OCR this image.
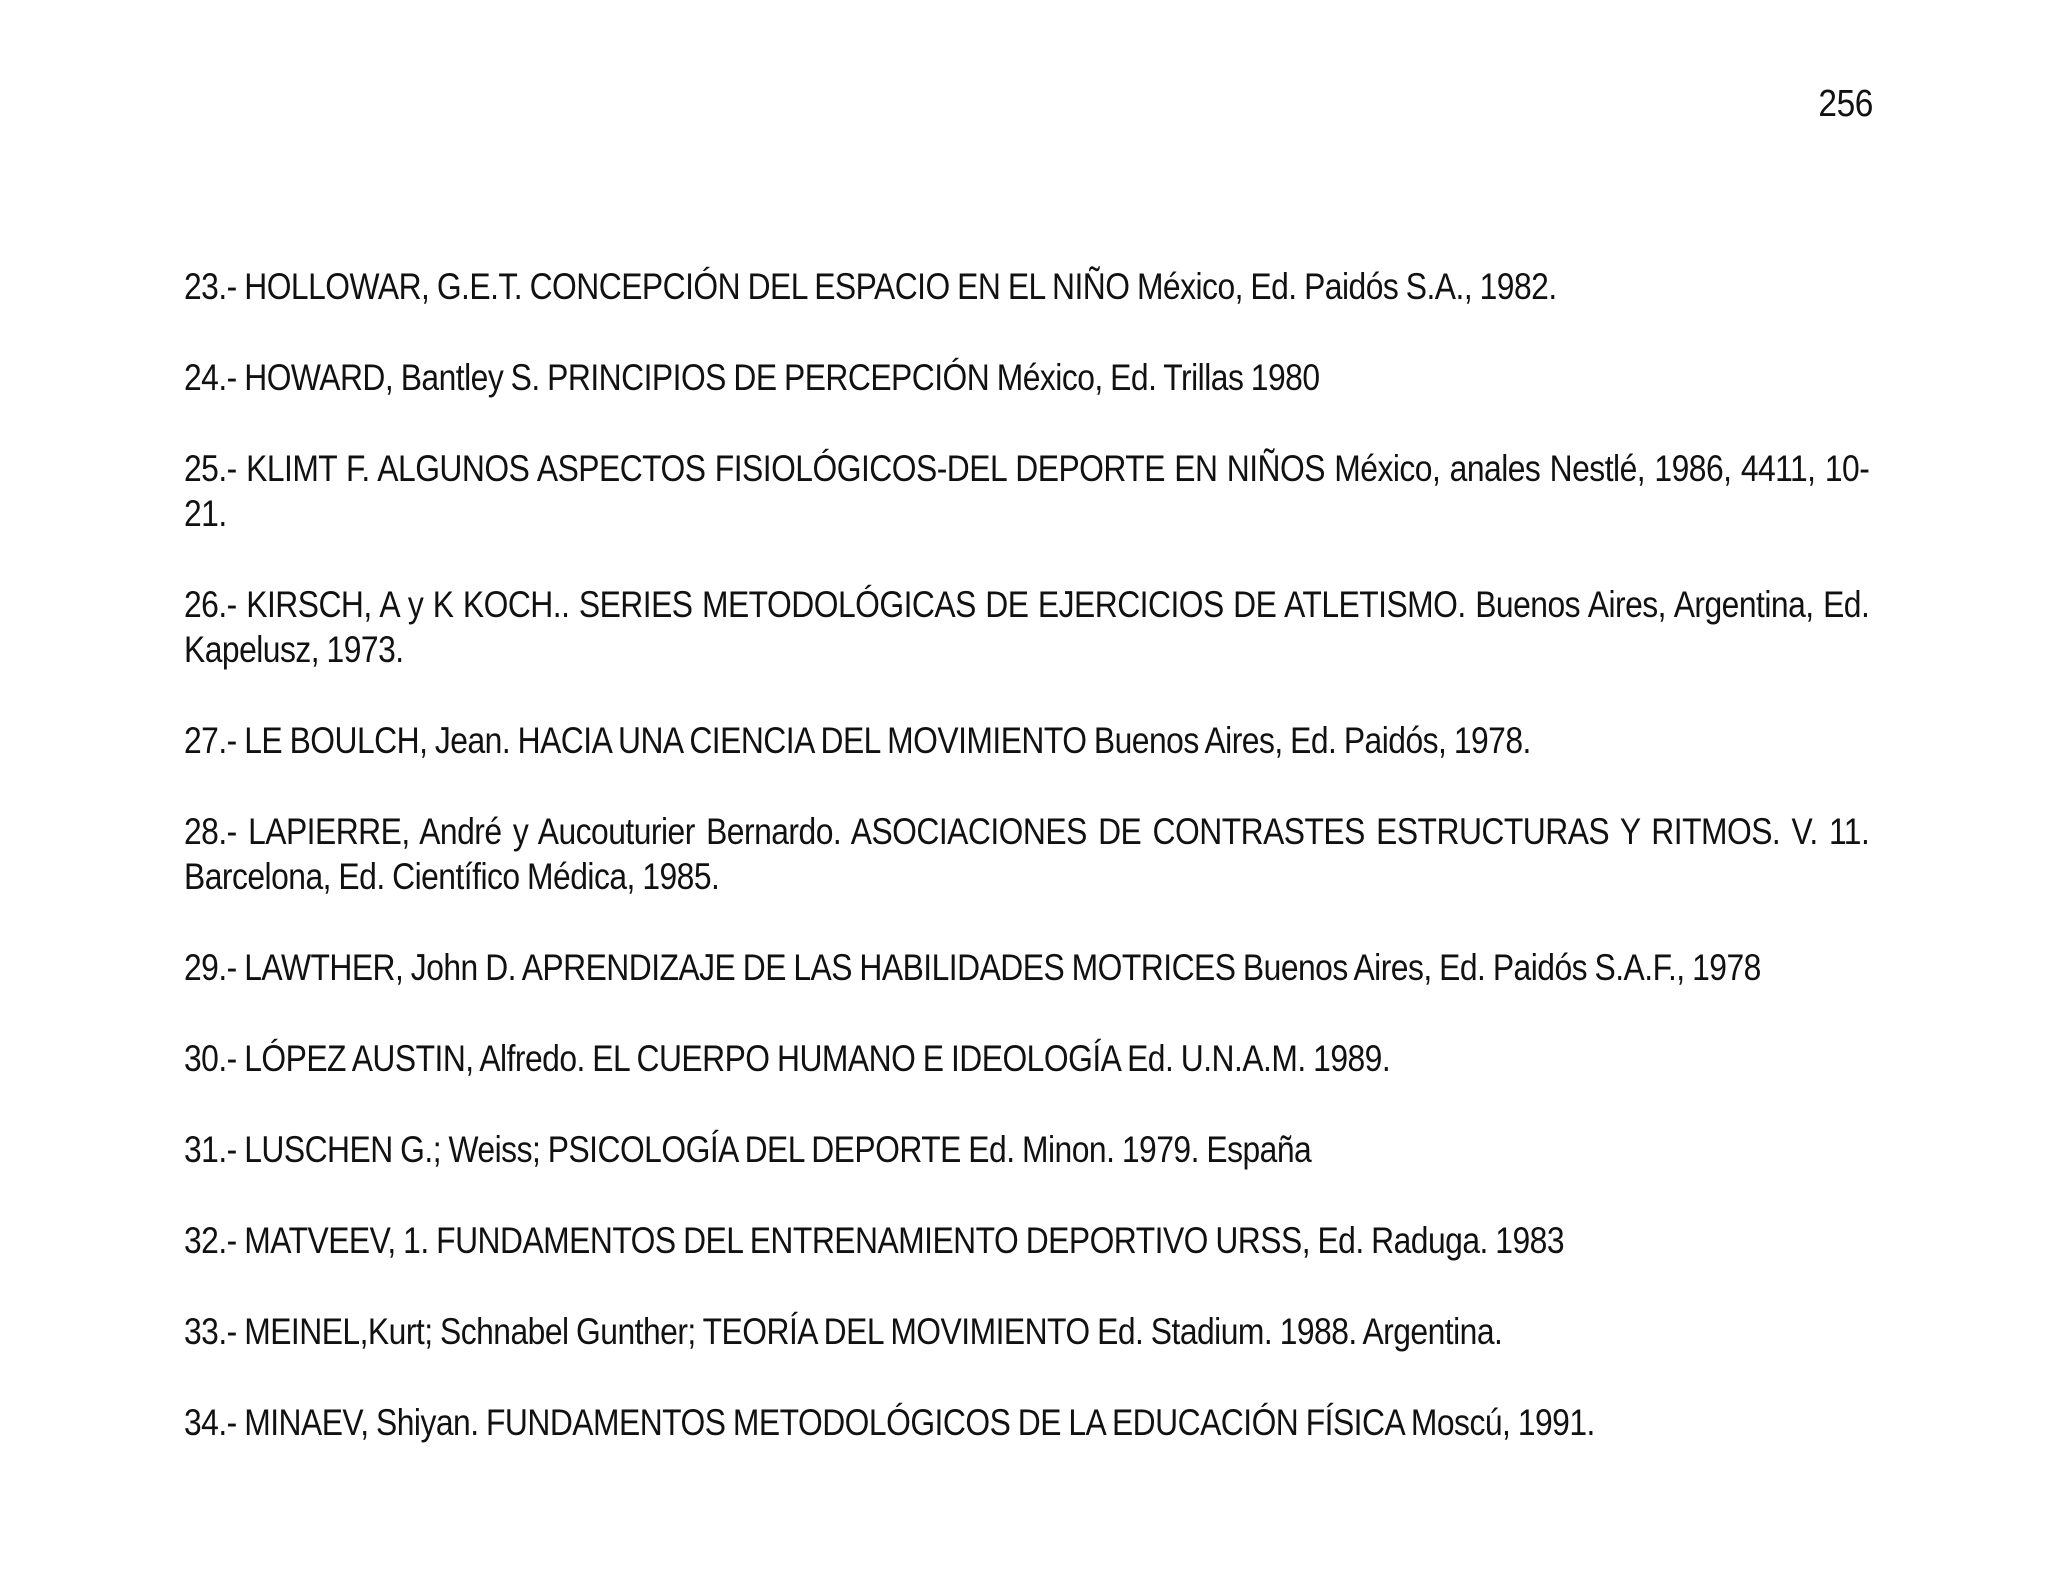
256
23.- HOLLOWAR, G.E.T. CONCEPCIÓN DEL ESPACIO EN EL NIÑO México, Ed. Paidós S.A., 1982.
24.- HOWARD, Bantley S. PRINCIPIOS DE PERCEPCIÓN México, Ed. Trillas 1980
25.- KLIMT F. ALGUNOS ASPECTOS FISIOLÓGICOS-DEL DEPORTE EN NIÑOS México, anales Nestlé, 1986, 4411, 10-21.
26.- KIRSCH, A y K KOCH.. SERIES METODOLÓGICAS DE EJERCICIOS DE ATLETISMO. Buenos Aires, Argentina, Ed. Kapelusz, 1973.
27.- LE BOULCH, Jean. HACIA UNA CIENCIA DEL MOVIMIENTO Buenos Aires, Ed. Paidós, 1978.
28.- LAPIERRE, André y Aucouturier Bernardo. ASOCIACIONES DE CONTRASTES ESTRUCTURAS Y RITMOS. V. 11. Barcelona, Ed. Científico Médica, 1985.
29.- LAWTHER, John D. APRENDIZAJE DE LAS HABILIDADES MOTRICES Buenos Aires, Ed. Paidós S.A.F., 1978
30.- LÓPEZ AUSTIN, Alfredo. EL CUERPO HUMANO E IDEOLOGÍA Ed. U.N.A.M. 1989.
31.- LUSCHEN G.; Weiss; PSICOLOGÍA DEL DEPORTE Ed. Minon. 1979. España
32.- MATVEEV, 1. FUNDAMENTOS DEL ENTRENAMIENTO DEPORTIVO URSS, Ed. Raduga. 1983
33.- MEINEL,Kurt; Schnabel Gunther; TEORÍA DEL MOVIMIENTO Ed. Stadium. 1988. Argentina.
34.- MINAEV, Shiyan. FUNDAMENTOS METODOLÓGICOS DE LA EDUCACIÓN FÍSICA Moscú, 1991.
